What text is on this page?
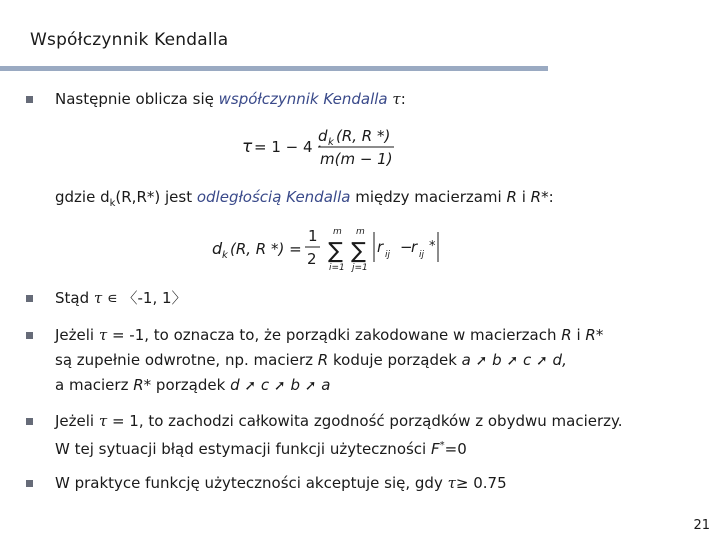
Współczynnik Kendalla
Następnie oblicza się współczynnik Kendalla τ:
τ = 1 − 4 ·
d k (R, R *)
m(m − 1)
gdzie $d_k(R,R*)$ jest odległością Kendalla między macierzami R i R*:
d k (R, R *) =
1
2
m
∑
i=1
m
∑
j=1
r ij −
r ij
*
Stąd τ ∊ 〈-1, 1〉
Jeżeli τ = -1, to oznacza to, że porządki zakodowane w macierzach R i R*
są zupełnie odwrotne, np. macierz R koduje porządek a ➚ b ➚ c ➚ d,
a macierz R* porządek d ➚ c ➚ b ➚ a
Jeżeli τ = 1, to zachodzi całkowita zgodność porządków z obydwu macierzy.
W tej sytuacji błąd estymacji funkcji użyteczności F*=0
W praktyce funkcję użyteczności akceptuje się, gdy τ≥ 0.75
21
